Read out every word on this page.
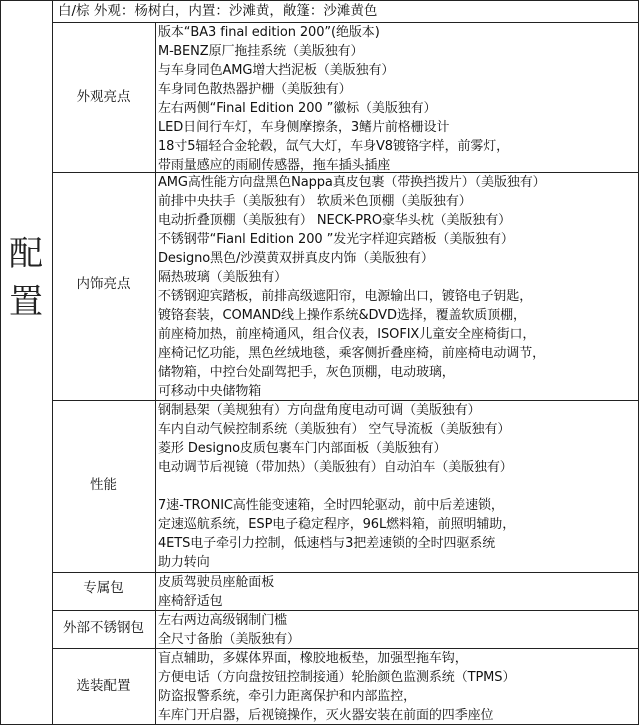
配置
白/棕 外观：杨树白，内置：沙滩黄，敞篷：沙滩黄色
外观亮点
版本“BA3 final edition 200”(绝版本)
M-BENZ原厂拖挂系统（美版独有）
与车身同色AMG增大挡泥板（美版独有）
车身同色散热器护栅（美版独有）
左右两侧“Final Edition 200 ”徽标（美版独有）
LED日间行车灯，车身侧摩擦条，3鳍片前格栅设计
18寸5辐轻合金轮毂，氙气大灯，车身V8镀铬字样，前雾灯，
带雨量感应的雨刷传感器，拖车插头插座
内饰亮点
AMG高性能方向盘黑色Nappa真皮包裹（带换挡拨片）（美版独有）
前排中央扶手（美版独有） 软质米色顶棚（美版独有）
电动折叠顶棚（美版独有） NECK-PRO豪华头枕（美版独有）
不锈钢带“Fianl Edition 200 ”发光字样迎宾踏板（美版独有）
Designo黑色/沙漠黄双拼真皮内饰（美版独有）
隔热玻璃（美版独有）
不锈钢迎宾踏板，前排高级遮阳帘，电源输出口，镀铬电子钥匙，
镀铬套装，COMAND线上操作系统&DVD选择，覆盖软质顶棚，
前座椅加热，前座椅通风，组合仪表，ISOFIX儿童安全座椅街口，
座椅记忆功能，黑色丝绒地毯，乘客侧折叠座椅，前座椅电动调节，
储物箱，中控台处副驾把手，灰色顶棚，电动玻璃，
可移动中央储物箱
性能
钢制悬架（美规独有）方向盘角度电动可调（美版独有）
车内自动气候控制系统（美版独有） 空气导流板（美版独有）
菱形 Designo皮质包裹车门内部面板（美版独有）
电动调节后视镜（带加热）（美版独有）自动泊车（美版独有）
7速-TRONIC高性能变速箱，全时四轮驱动，前中后差速锁，
定速巡航系统，ESP电子稳定程序，96L燃料箱，前照明辅助，
4ETS电子牵引力控制，低速档与3把差速锁的全时四驱系统
助力转向
专属包	皮质驾驶员座舱面板
座椅舒适包
外部不锈钢包	左右两边高级钢制门槛
全尺寸备胎（美版独有）
选装配置
盲点辅助，多媒体界面，橡胶地板垫，加强型拖车钩，
方便电话（方向盘按钮控制接通）轮胎颜色监测系统（TPMS）
防盗报警系统，牵引力距离保护和内部监控，
车库门开启器，后视镜操作，灭火器安装在前面的四季座位
